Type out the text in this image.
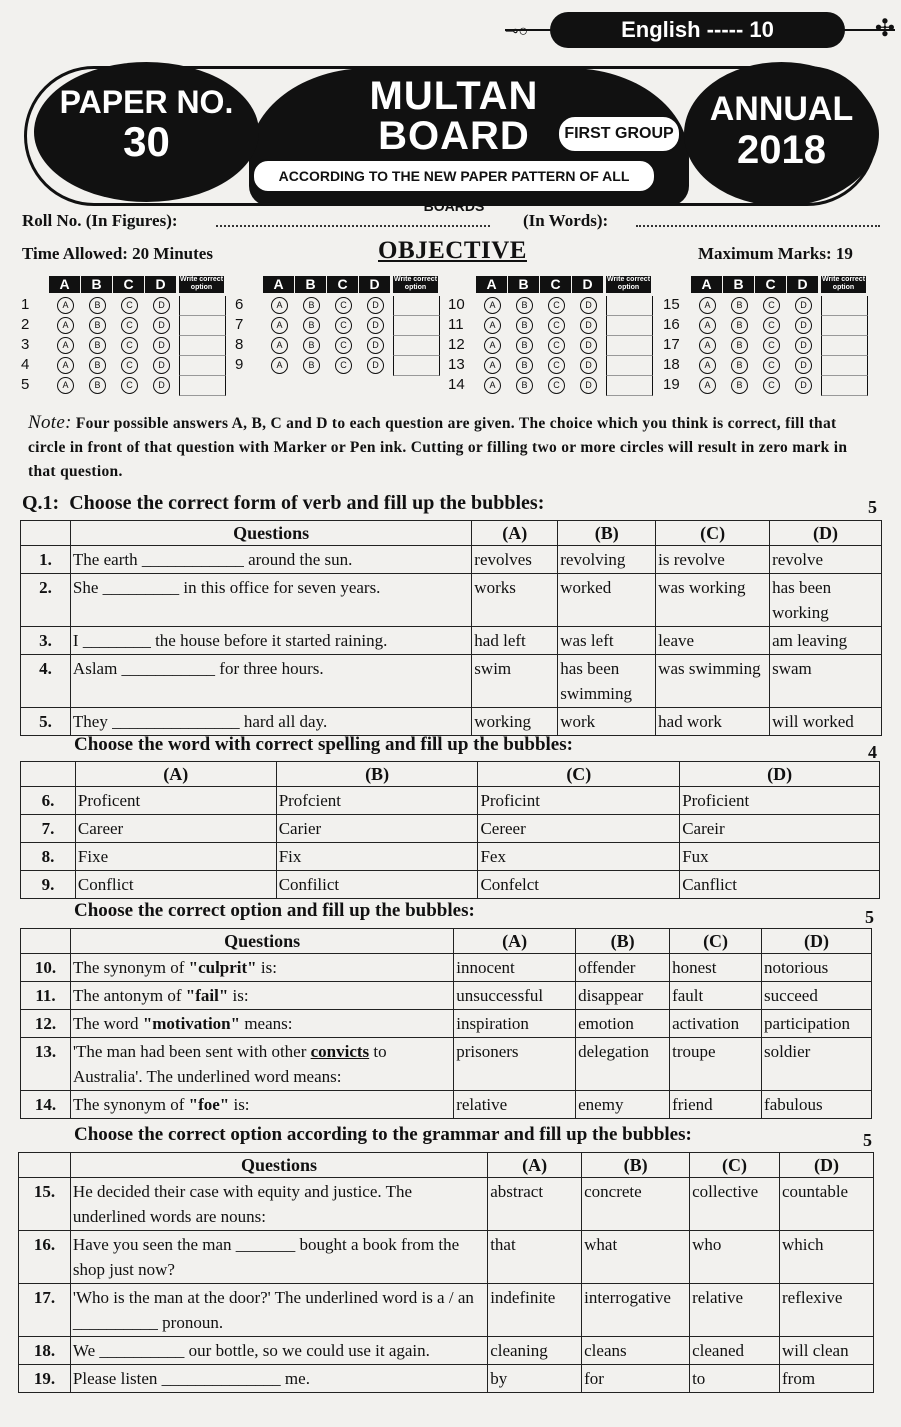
⊸○	English ----- 10	✣
PAPER NO.
30
MULTAN
BOARD	FIRST GROUP
ACCORDING TO THE NEW PAPER PATTERN OF ALL BOARDS
ANNUAL
2018
Roll No. (In Figures):	(In Words):
Time Allowed: 20 Minutes	OBJECTIVE	Maximum Marks: 19
A B C D	Write correct option
1	A	B	C	D
2	A	B	C	D
3	A	B	C	D
4	A	B	C	D
5	A	B	C	D
A B C D	Write correct option
6	A	B	C	D
7	A	B	C	D
8	A	B	C	D
9	A	B	C	D
A B C D	Write correct option
10	A	B	C	D
11	A	B	C	D
12	A	B	C	D
13	A	B	C	D
14	A	B	C	D
A B C D	Write correct option
15	A	B	C	D
16	A	B	C	D
17	A	B	C	D
18	A	B	C	D
19	A	B	C	D
Note: Four possible answers A, B, C and D to each question are given. The choice which you think is correct, fill that circle in front of that question with Marker or Pen ink. Cutting or filling two or more circles will result in zero mark in that question.
Q.1: Choose the correct form of verb and fill up the bubbles:	5
	Questions	(A)	(B)	(C)	(D)
1.	The earth ____________ around the sun.	revolves	revolving	is revolve	revolve
2.	She _________ in this office for seven years.	works	worked	was working	has been working
3.	I ________ the house before it started raining.	had left	was left	leave	am leaving
4.	Aslam ___________ for three hours.	swim	has been swimming	was swimming	swam
5.	They _______________ hard all day.	working	work	had work	will worked
Choose the word with correct spelling and fill up the bubbles:	4
	(A)	(B)	(C)	(D)
6.	Proficent	Profcient	Proficint	Proficient
7.	Career	Carier	Cereer	Careir
8.	Fixe	Fix	Fex	Fux
9.	Conflict	Confilict	Confelct	Canflict
Choose the correct option and fill up the bubbles:	5
	Questions	(A)	(B)	(C)	(D)
10.	The synonym of "culprit" is:	innocent	offender	honest	notorious
11.	The antonym of "fail" is:	unsuccessful	disappear	fault	succeed
12.	The word "motivation" means:	inspiration	emotion	activation	participation
13.	'The man had been sent with other convicts to Australia'. The underlined word means:	prisoners	delegation	troupe	soldier
14.	The synonym of "foe" is:	relative	enemy	friend	fabulous
Choose the correct option according to the grammar and fill up the bubbles:	5
	Questions	(A)	(B)	(C)	(D)
15.	He decided their case with equity and justice. The underlined words are nouns:	abstract	concrete	collective	countable
16.	Have you seen the man _______ bought a book from the shop just now?	that	what	who	which
17.	'Who is the man at the door?' The underlined word is a / an __________ pronoun.	indefinite	interrogative	relative	reflexive
18.	We __________ our bottle, so we could use it again.	cleaning	cleans	cleaned	will clean
19.	Please listen ______________ me.	by	for	to	from
